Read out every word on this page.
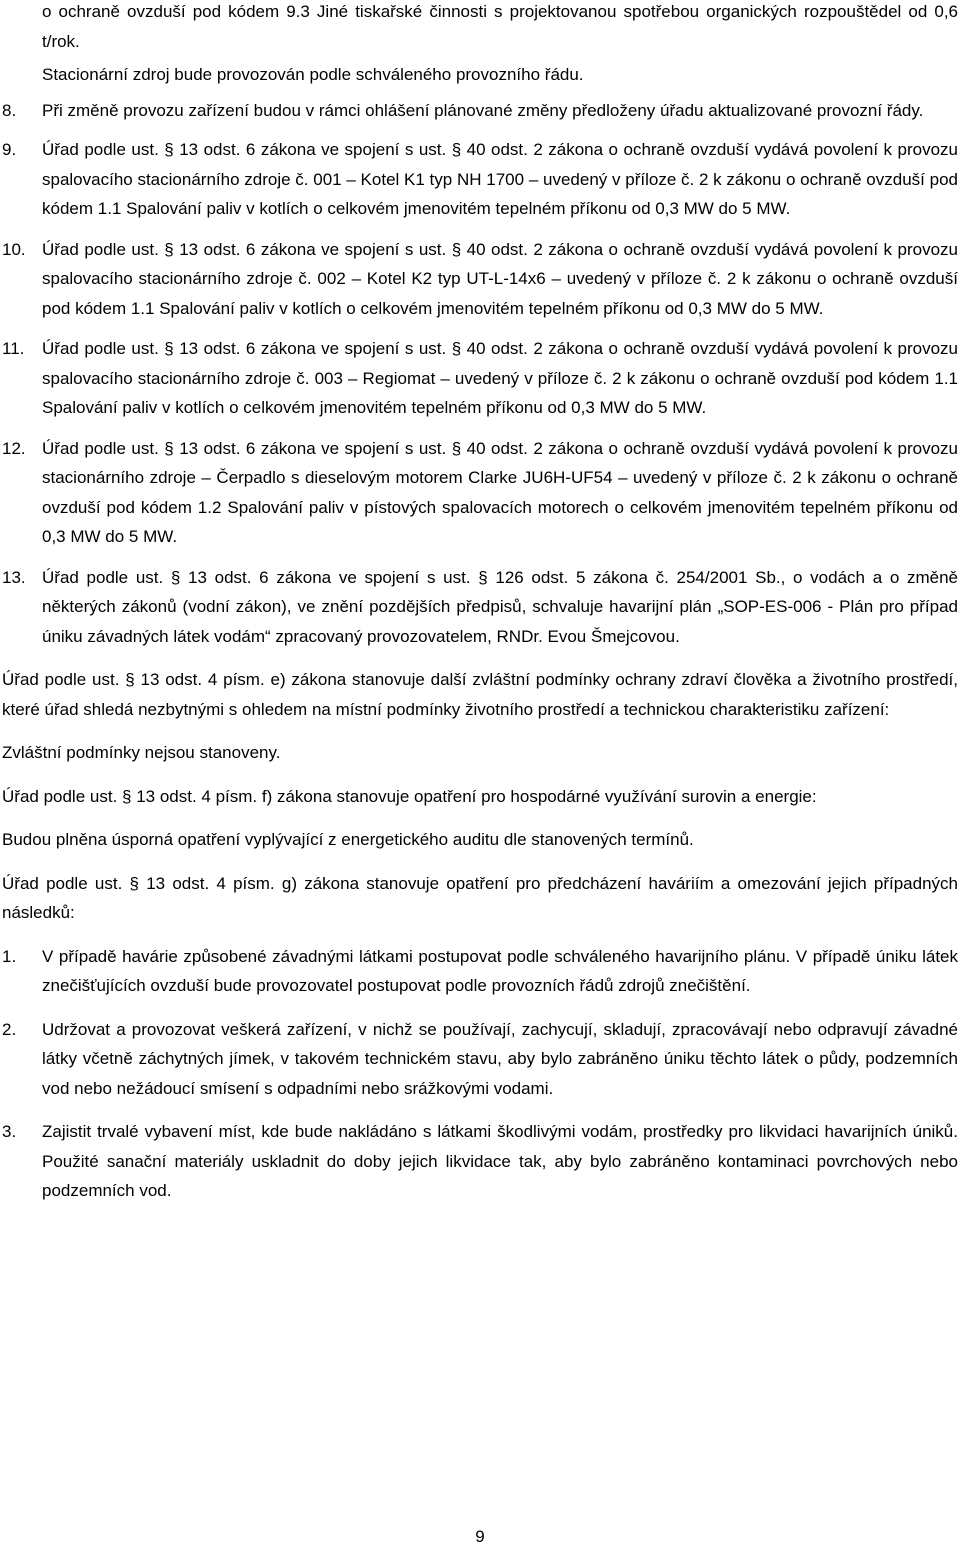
o ochraně ovzduší pod kódem 9.3 Jiné tiskařské činnosti s projektovanou spotřebou organických rozpouštědel od 0,6 t/rok.

Stacionární zdroj bude provozován podle schváleného provozního řádu.

8.	Při změně provozu zařízení budou v rámci ohlášení plánované změny předloženy úřadu aktualizované provozní řády.
9.	Úřad podle ust. § 13 odst. 6 zákona ve spojení s ust. § 40 odst. 2 zákona o ochraně ovzduší vydává povolení k provozu spalovacího stacionárního zdroje č. 001 – Kotel K1 typ NH 1700 – uvedený v příloze č. 2 k zákonu o ochraně ovzduší pod kódem 1.1 Spalování paliv v kotlích o celkovém jmenovitém tepelném příkonu od 0,3 MW do 5 MW.
10. Úřad podle ust. § 13 odst. 6 zákona ve spojení s ust. § 40 odst. 2 zákona o ochraně ovzduší vydává povolení k provozu spalovacího stacionárního zdroje č. 002 – Kotel K2 typ UT-L-14x6 – uvedený v příloze č. 2 k zákonu o ochraně ovzduší pod kódem 1.1 Spalování paliv v kotlích o celkovém jmenovitém tepelném příkonu od 0,3 MW do 5 MW.
11.	Úřad podle ust. § 13 odst. 6 zákona ve spojení s ust. § 40 odst. 2 zákona o ochraně ovzduší vydává povolení k provozu spalovacího stacionárního zdroje č. 003 – Regiomat – uvedený v příloze č. 2 k zákonu o ochraně ovzduší pod kódem 1.1 Spalování paliv v kotlích o celkovém jmenovitém tepelném příkonu od 0,3 MW do 5 MW.
12. Úřad podle ust. § 13 odst. 6 zákona ve spojení s ust. § 40 odst. 2 zákona o ochraně ovzduší vydává povolení k provozu stacionárního zdroje – Čerpadlo s dieselovým motorem Clarke JU6H-UF54 – uvedený v příloze č. 2 k zákonu o ochraně ovzduší pod kódem 1.2 Spalování paliv v pístových spalovacích motorech o celkovém jmenovitém tepelném příkonu od 0,3 MW do 5 MW.
13. Úřad podle ust. § 13 odst. 6 zákona ve spojení s ust. § 126 odst. 5 zákona č. 254/2001 Sb., o vodách a o změně některých zákonů (vodní zákon), ve znění pozdějších předpisů, schvaluje havarijní plán „SOP-ES-006 - Plán pro případ úniku závadných látek vodám“ zpracovaný provozovatelem, RNDr. Evou Šmejcovou.

Úřad podle ust. § 13 odst. 4 písm. e) zákona stanovuje další zvláštní podmínky ochrany zdraví člověka a životního prostředí, které úřad shledá nezbytnými s ohledem na místní podmínky životního prostředí a technickou charakteristiku zařízení:

Zvláštní podmínky nejsou stanoveny.

Úřad podle ust. § 13 odst. 4 písm. f) zákona stanovuje opatření pro hospodárné využívání surovin a energie:

Budou plněna úsporná opatření vyplývající z energetického auditu dle stanovených termínů.

Úřad podle ust. § 13 odst. 4 písm. g) zákona stanovuje opatření pro předcházení haváriím a omezování jejich případných následků:

1.	V případě havárie způsobené závadnými látkami postupovat podle schváleného havarijního plánu. V případě úniku látek znečišťujících ovzduší bude provozovatel postupovat podle provozních řádů zdrojů znečištění.
2.	Udržovat a provozovat veškerá zařízení, v nichž se používají, zachycují, skladují, zpracovávají nebo odpravují závadné látky včetně záchytných jímek, v takovém technickém stavu, aby bylo zabráněno úniku těchto látek o půdy, podzemních vod nebo nežádoucí smísení s odpadními nebo srážkovými vodami.
3.	Zajistit trvalé vybavení míst, kde bude nakládáno s látkami škodlivými vodám, prostředky pro likvidaci havarijních úniků. Použité sanační materiály uskladnit do doby jejich likvidace tak, aby bylo zabráněno kontaminaci povrchových nebo podzemních vod.
9
